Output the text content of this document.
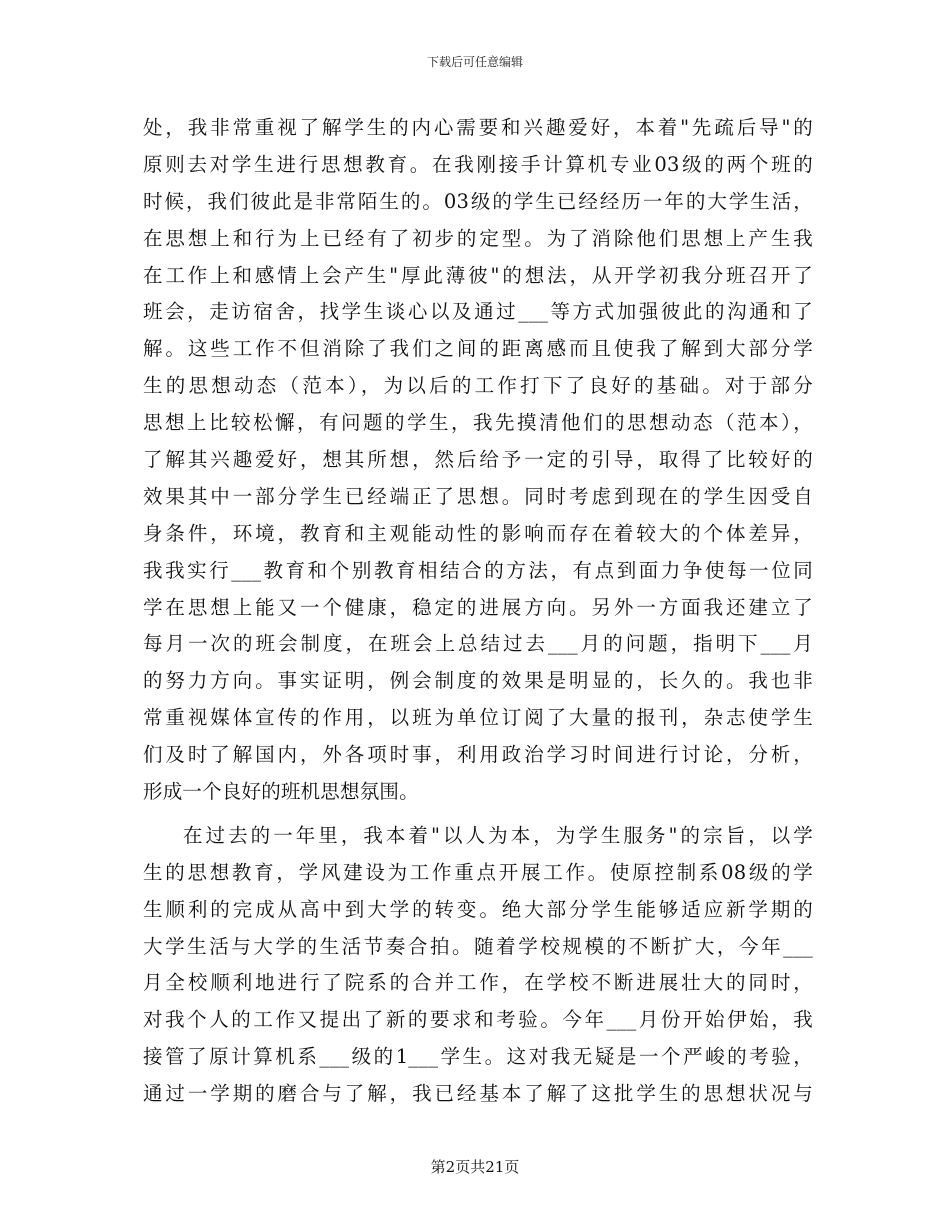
下载后可任意编辑
处，我非常重视了解学生的内心需要和兴趣爱好，本着"先疏后导"的
原则去对学生进行思想教育。在我刚接手计算机专业03级的两个班的
时候，我们彼此是非常陌生的。03级的学生已经经历一年的大学生活，
在思想上和行为上已经有了初步的定型。为了消除他们思想上产生我
在工作上和感情上会产生"厚此薄彼"的想法，从开学初我分班召开了
班会，走访宿舍，找学生谈心以及通过___等方式加强彼此的沟通和了
解。这些工作不但消除了我们之间的距离感而且使我了解到大部分学
生的思想动态（范本），为以后的工作打下了良好的基础。对于部分
思想上比较松懈，有问题的学生，我先摸清他们的思想动态（范本），
了解其兴趣爱好，想其所想，然后给予一定的引导，取得了比较好的
效果其中一部分学生已经端正了思想。同时考虑到现在的学生因受自
身条件，环境，教育和主观能动性的影响而存在着较大的个体差异，
我我实行___教育和个别教育相结合的方法，有点到面力争使每一位同
学在思想上能又一个健康，稳定的进展方向。另外一方面我还建立了
每月一次的班会制度，在班会上总结过去___月的问题，指明下___月
的努力方向。事实证明，例会制度的效果是明显的，长久的。我也非
常重视媒体宣传的作用，以班为单位订阅了大量的报刊，杂志使学生
们及时了解国内，外各项时事，利用政治学习时间进行讨论，分析，
形成一个良好的班机思想氛围。
在过去的一年里，我本着"以人为本，为学生服务"的宗旨，以学
生的思想教育，学风建设为工作重点开展工作。使原控制系08级的学
生顺利的完成从高中到大学的转变。绝大部分学生能够适应新学期的
大学生活与大学的生活节奏合拍。随着学校规模的不断扩大，今年___
月全校顺利地进行了院系的合并工作，在学校不断进展壮大的同时，
对我个人的工作又提出了新的要求和考验。今年___月份开始伊始，我
接管了原计算机系___级的1___学生。这对我无疑是一个严峻的考验，
通过一学期的磨合与了解，我已经基本了解了这批学生的思想状况与
第2页共21页
